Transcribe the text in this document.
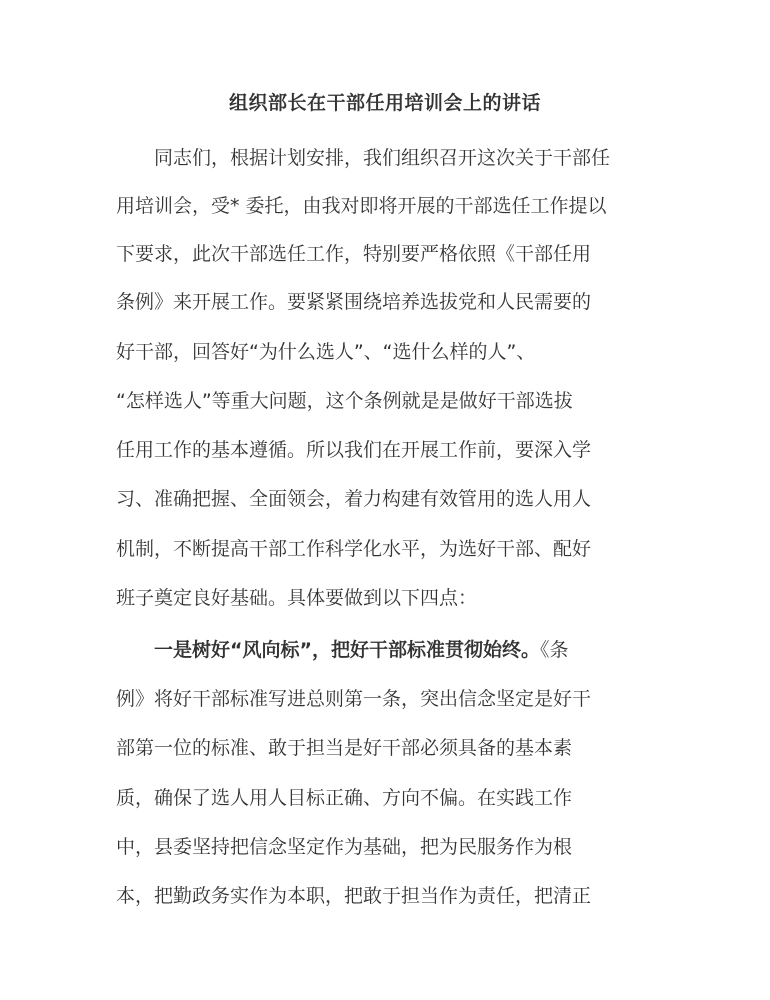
组织部长在干部任用培训会上的讲话
同志们，根据计划安排，我们组织召开这次关于干部任
用培训会，受* 委托，由我对即将开展的干部选任工作提以
下要求，此次干部选任工作，特别要严格依照《干部任用
条例》来开展工作。要紧紧围绕培养选拔党和人民需要的
好干部，回答好“为什么选人”、“选什么样的人”、
“怎样选人”等重大问题，这个条例就是是做好干部选拔
任用工作的基本遵循。所以我们在开展工作前，要深入学
习、准确把握、全面领会，着力构建有效管用的选人用人
机制，不断提高干部工作科学化水平，为选好干部、配好
班子奠定良好基础。具体要做到以下四点：
一是树好“风向标”，把好干部标准贯彻始终。《条
例》将好干部标准写进总则第一条，突出信念坚定是好干
部第一位的标准、敢于担当是好干部必须具备的基本素
质，确保了选人用人目标正确、方向不偏。在实践工作
中，县委坚持把信念坚定作为基础，把为民服务作为根
本，把勤政务实作为本职，把敢于担当作为责任，把清正
